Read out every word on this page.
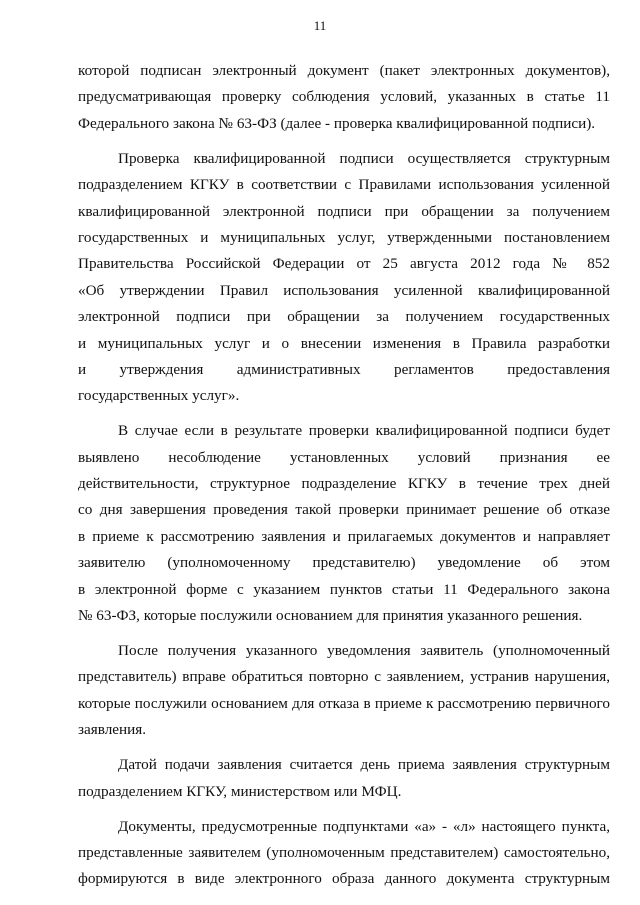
11
которой подписан электронный документ (пакет электронных документов),
предусматривающая проверку соблюдения условий, указанных в статье 11
Федерального закона № 63-ФЗ (далее - проверка квалифицированной подписи).
Проверка квалифицированной подписи осуществляется структурным
подразделением КГКУ в соответствии с Правилами использования усиленной
квалифицированной электронной подписи при обращении за получением
государственных и муниципальных услуг, утвержденными постановлением
Правительства Российской Федерации от 25 августа 2012 года № 852
«Об утверждении Правил использования усиленной квалифицированной
электронной подписи при обращении за получением государственных
и муниципальных услуг и о внесении изменения в Правила разработки
и утверждения административных регламентов предоставления
государственных услуг».
В случае если в результате проверки квалифицированной подписи будет
выявлено несоблюдение установленных условий признания ее
действительности, структурное подразделение КГКУ в течение трех дней
со дня завершения проведения такой проверки принимает решение об отказе
в приеме к рассмотрению заявления и прилагаемых документов и направляет
заявителю (уполномоченному представителю) уведомление об этом
в электронной форме с указанием пунктов статьи 11 Федерального закона
№ 63-ФЗ, которые послужили основанием для принятия указанного решения.
После получения указанного уведомления заявитель (уполномоченный
представитель) вправе обратиться повторно с заявлением, устранив нарушения,
которые послужили основанием для отказа в приеме к рассмотрению первичного
заявления.
Датой подачи заявления считается день приема заявления структурным
подразделением КГКУ, министерством или МФЦ.
Документы, предусмотренные подпунктами «а» - «л» настоящего пункта,
представленные заявителем (уполномоченным представителем) самостоятельно,
формируются в виде электронного образа данного документа структурным
